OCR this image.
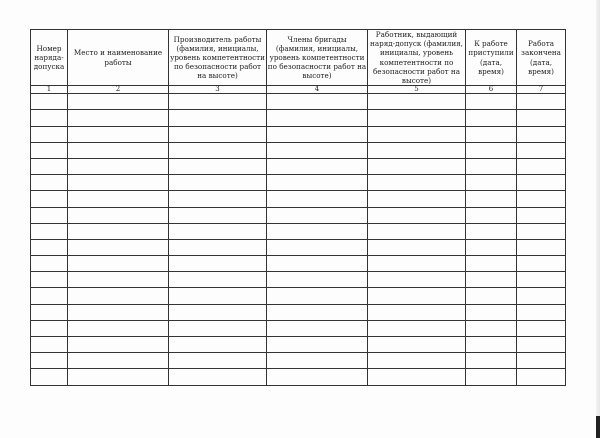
Номер наряда-допуска	Место и наименование работы	Производитель работы (фамилия, инициалы, уровень компетентности по безопасности работ на высоте)	Члены бригады (фамилия, инициалы, уровень компетентности по безопасности работ на высоте)	Работник, выдающий наряд-допуск (фамилия, инициалы, уровень компетентности по безопасности работ на высоте)	К работе приступили (дата, время)	Работа закончена (дата, время)
1	2	3	4	5	6	7
